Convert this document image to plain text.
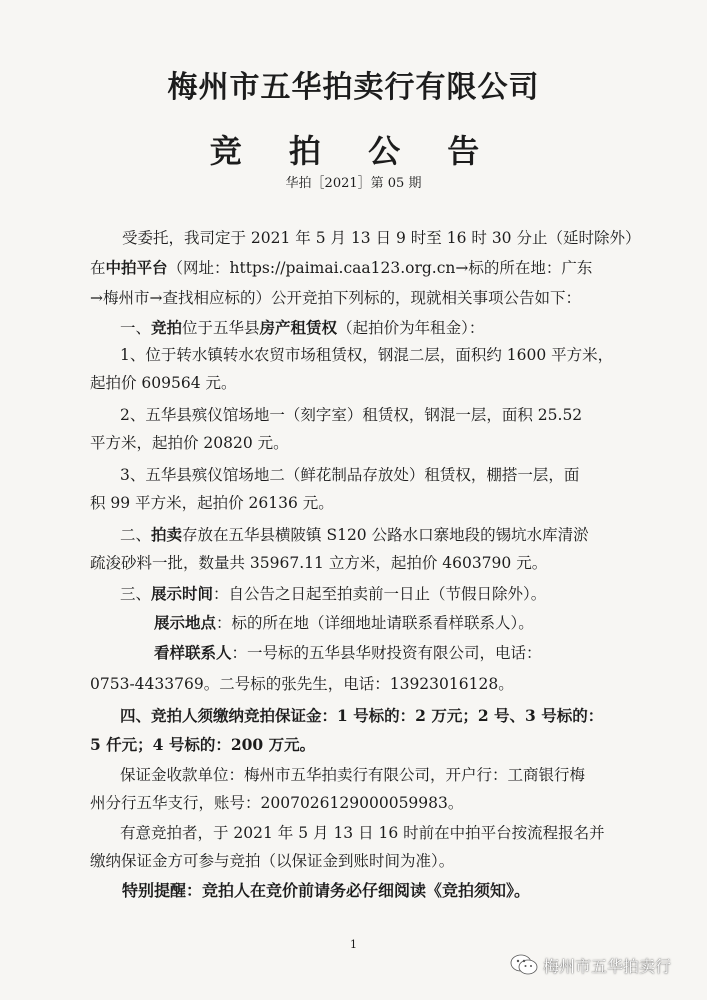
梅州市五华拍卖行有限公司
竞 拍 公 告
华拍［2021］第 05 期
受委托，我司定于 2021 年 5 月 13 日 9 时至 16 时 30 分止（延时除外）
在中拍平台（网址：https://paimai.caa123.org.cn→标的所在地：广东
→梅州市→查找相应标的）公开竞拍下列标的，现就相关事项公告如下：
一、竞拍位于五华县房产租赁权（起拍价为年租金）：
1、位于转水镇转水农贸市场租赁权，钢混二层，面积约 1600 平方米，
起拍价 609564 元。
2、五华县殡仪馆场地一（刻字室）租赁权，钢混一层，面积 25.52
平方米，起拍价 20820 元。
3、五华县殡仪馆场地二（鲜花制品存放处）租赁权，棚搭一层，面
积 99 平方米，起拍价 26136 元。
二、拍卖存放在五华县横陂镇 S120 公路水口寨地段的锡坑水库清淤
疏浚砂料一批，数量共 35967.11 立方米，起拍价 4603790 元。
三、展示时间：自公告之日起至拍卖前一日止（节假日除外）。
展示地点：标的所在地（详细地址请联系看样联系人）。
看样联系人：一号标的五华县华财投资有限公司，电话：
0753-4433769。二号标的张先生，电话：13923016128。
四、竞拍人须缴纳竞拍保证金：1 号标的：2 万元；2 号、3 号标的：
5 仟元；4 号标的：200 万元。
保证金收款单位：梅州市五华拍卖行有限公司，开户行：工商银行梅
州分行五华支行，账号：2007026129000059983。
有意竞拍者，于 2021 年 5 月 13 日 16 时前在中拍平台按流程报名并
缴纳保证金方可参与竞拍（以保证金到账时间为准）。
特别提醒：竞拍人在竞价前请务必仔细阅读《竞拍须知》。
1
梅州市五华拍卖行
